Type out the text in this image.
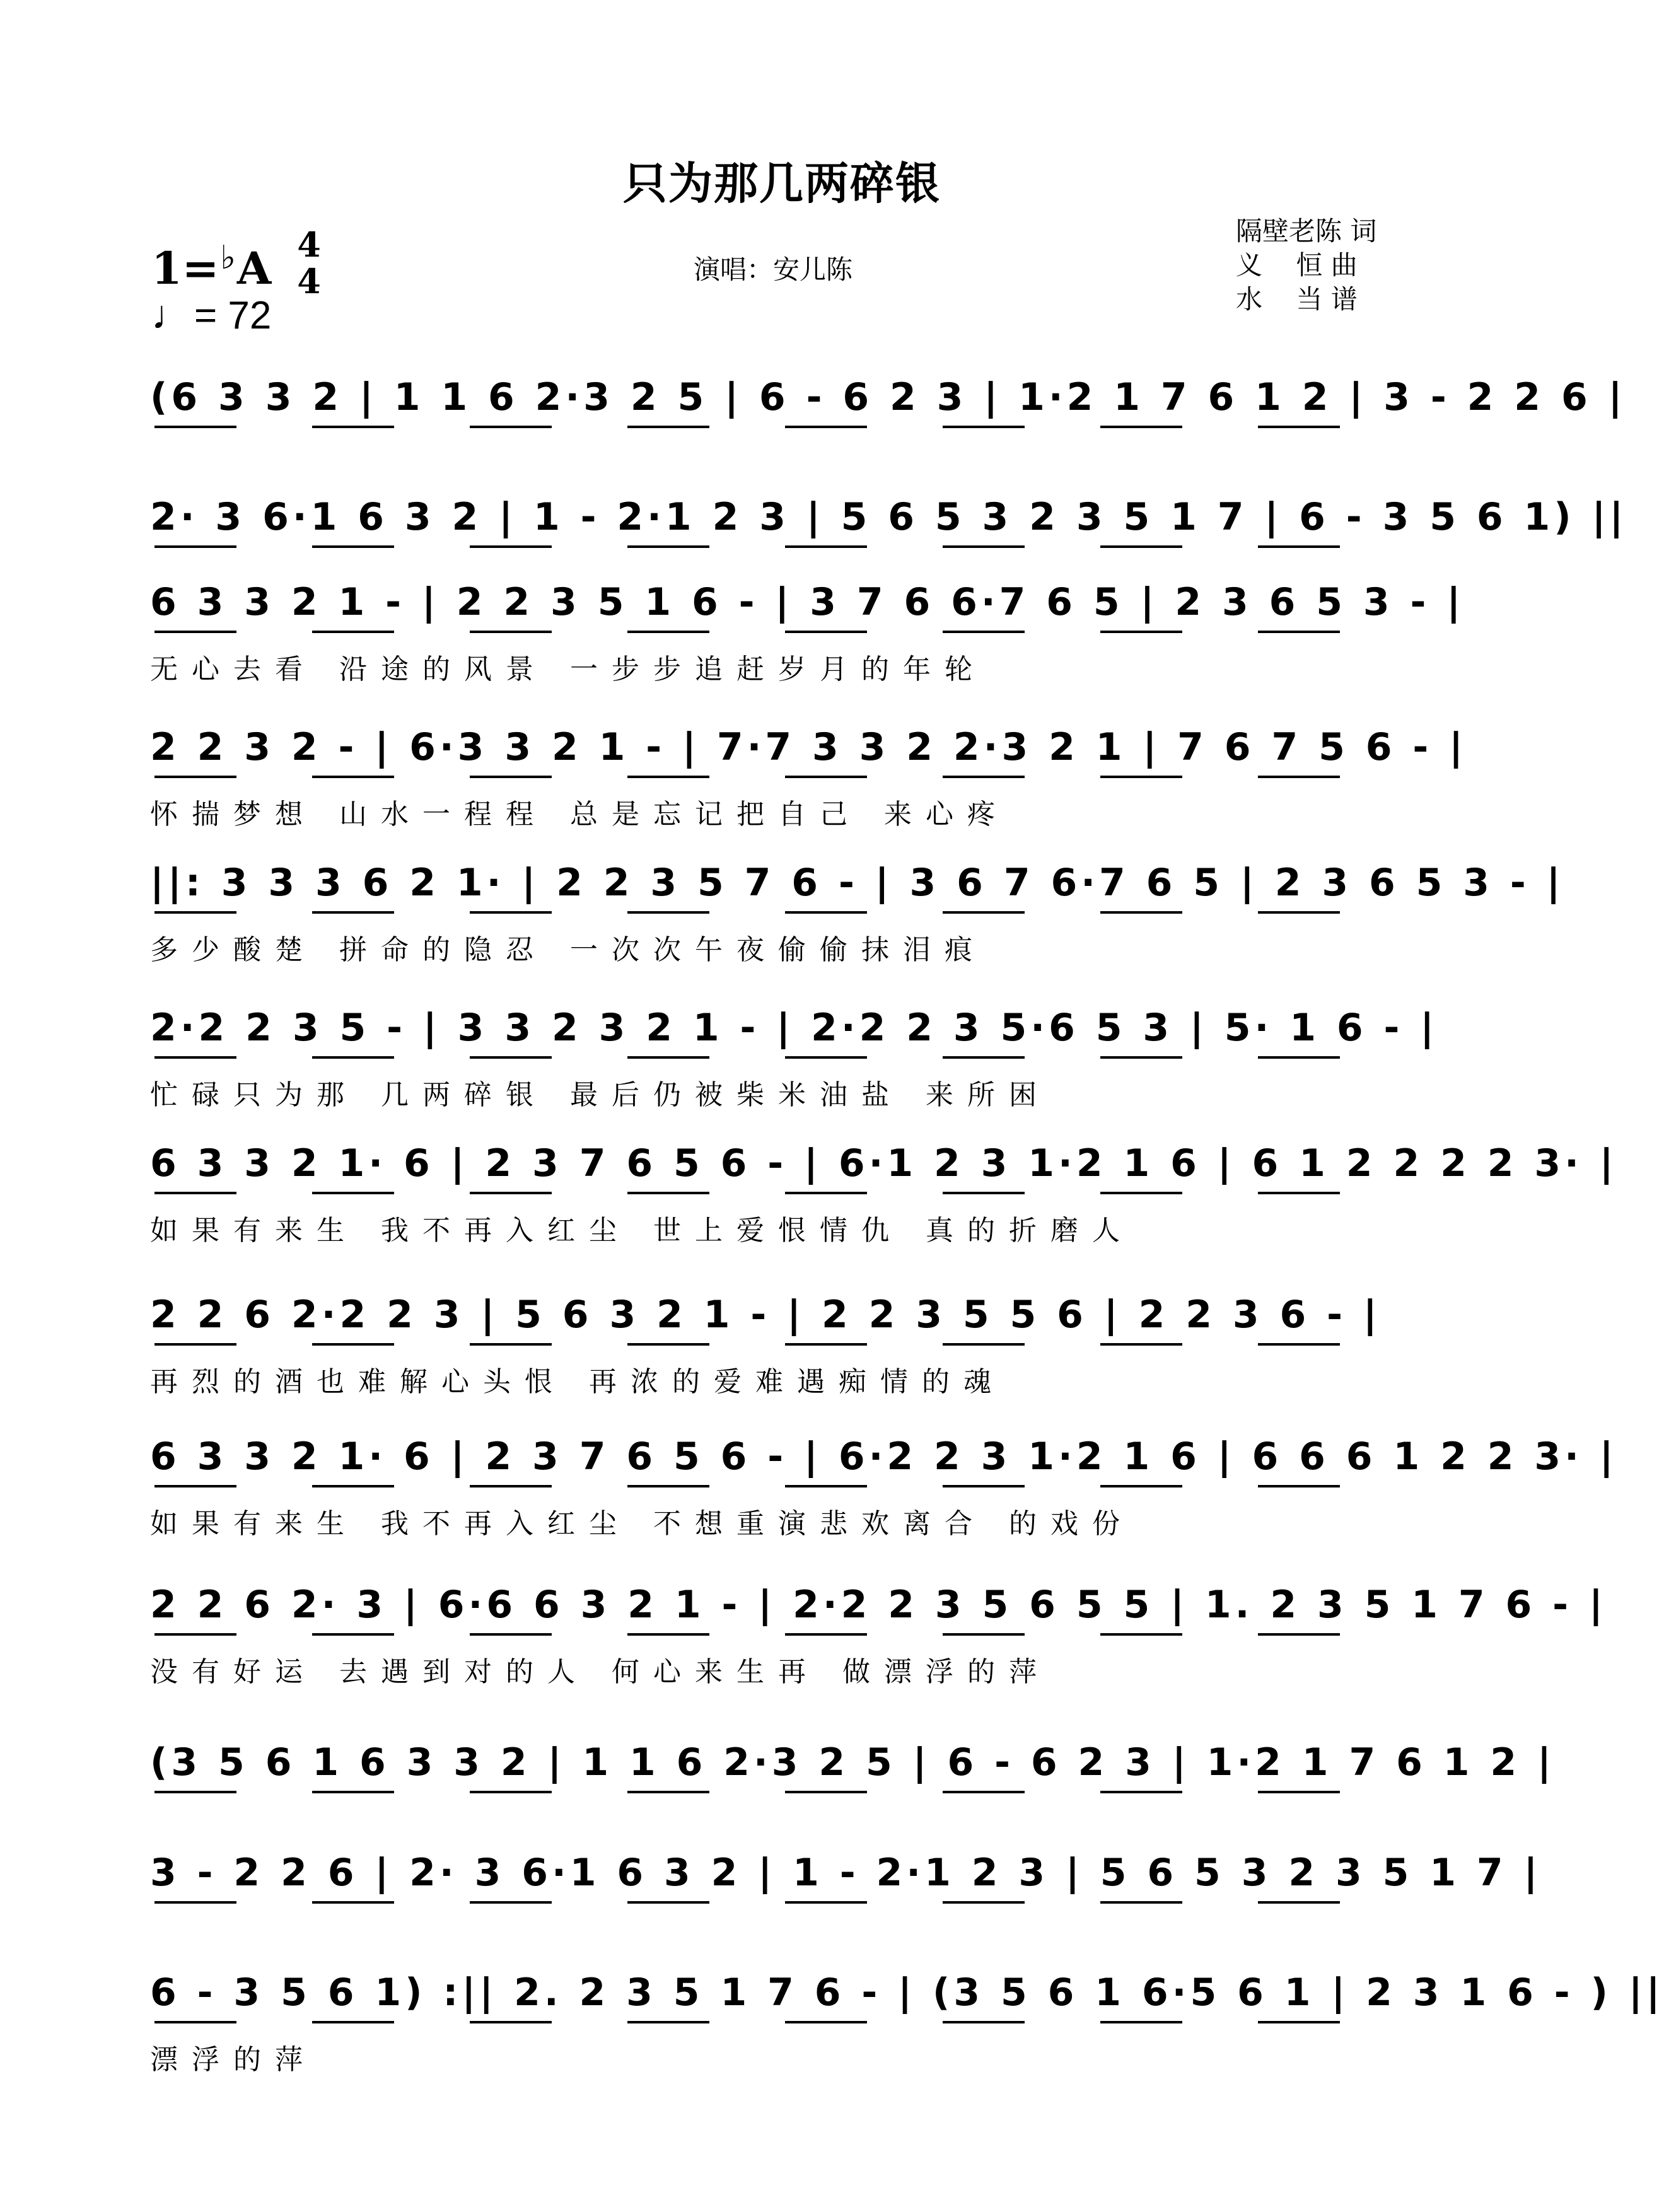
只为那几两碎银
1=♭A 4
4
♩= 72
演唱：安儿陈
隔壁老陈 词
义    恒 曲
水    当 谱
(6 3 3 2 | 1 1 6 2·3 2 5 | 6 - 6 2 3 | 1·2 1 7 6 1 2 | 3 - 2 2 6 |
2· 3 6·1 6 3 2 | 1 - 2·1 2 3 | 5 6 5 3 2 3 5 1 7 | 6 - 3 5 6 1) ||
6 3 3 2 1 - | 2 2 3 5 1 6 - | 3 7 6 6·7 6 5 | 2 3 6 5 3 - |
无心去看 沿途的风景 一步步追赶岁月的年轮
2 2 3 2 - | 6·3 3 2 1 - | 7·7 3 3 2 2·3 2 1 | 7 6 7 5 6 - |
怀揣梦想 山水一程程 总是忘记把自己 来心疼
||: 3 3 3 6 2 1· | 2 2 3 5 7 6 - | 3 6 7 6·7 6 5 | 2 3 6 5 3 - |
多少酸楚 拼命的隐忍 一次次午夜偷偷抹泪痕
2·2 2 3 5 - | 3 3 2 3 2 1 - | 2·2 2 3 5·6 5 3 | 5· 1 6 - |
忙碌只为那 几两碎银 最后仍被柴米油盐 来所困
6 3 3 2 1· 6 | 2 3 7 6 5 6 - | 6·1 2 3 1·2 1 6 | 6 1 2 2 2 2 3· |
如果有来生 我不再入红尘 世上爱恨情仇 真的折磨人
2 2 6 2·2 2 3 | 5 6 3 2 1 - | 2 2 3 5 5 6 | 2 2 3 6 - |
再烈的酒也难解心头恨 再浓的爱难遇痴情的魂
6 3 3 2 1· 6 | 2 3 7 6 5 6 - | 6·2 2 3 1·2 1 6 | 6 6 6 1 2 2 3· |
如果有来生 我不再入红尘 不想重演悲欢离合 的戏份
2 2 6 2· 3 | 6·6 6 3 2 1 - | 2·2 2 3 5 6 5 5 | 1. 2 3 5 1 7 6 - |
没有好运 去遇到对的人 何心来生再 做漂浮的萍
(3 5 6 1 6 3 3 2 | 1 1 6 2·3 2 5 | 6 - 6 2 3 | 1·2 1 7 6 1 2 |
3 - 2 2 6 | 2· 3 6·1 6 3 2 | 1 - 2·1 2 3 | 5 6 5 3 2 3 5 1 7 |
6 - 3 5 6 1) :|| 2. 2 3 5 1 7 6 - | (3 5 6 1 6·5 6 1 | 2 3 1 6 - ) ||
漂浮的萍
